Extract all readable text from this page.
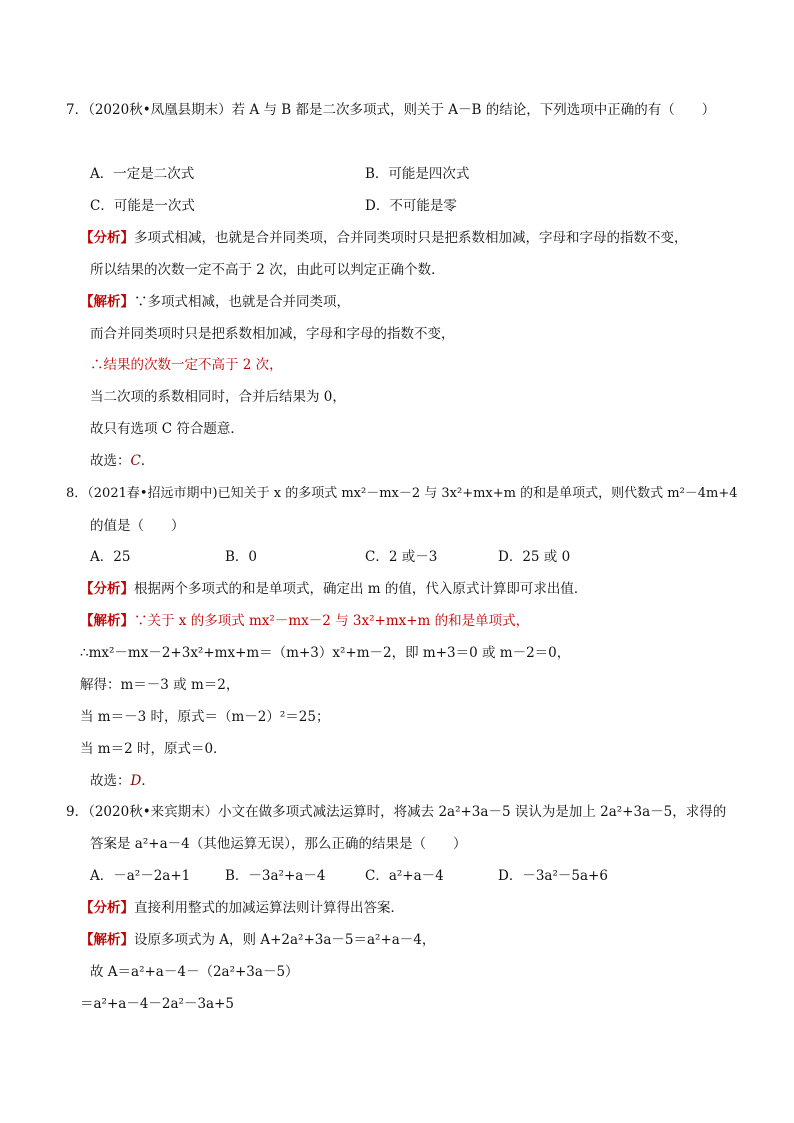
7．（2020秋•凤凰县期末）若 A 与 B 都是二次多项式，则关于 A－B 的结论，下列选项中正确的有（　　）
A．一定是二次式	B．可能是四次式
C．可能是一次式	D．不可能是零
【分析】多项式相减，也就是合并同类项，合并同类项时只是把系数相加减，字母和字母的指数不变，
所以结果的次数一定不高于 2 次，由此可以判定正确个数．
【解析】∵多项式相减，也就是合并同类项，
而合并同类项时只是把系数相加减，字母和字母的指数不变，
∴结果的次数一定不高于 2 次，
当二次项的系数相同时，合并后结果为 0，
故只有选项 C 符合题意．
故选：C．
8．（2021春•招远市期中)已知关于 x 的多项式 mx²－mx－2 与 3x²+mx+m 的和是单项式，则代数式 m²－4m+4
的值是（　　）
A．25	B．0	C．2 或－3	D．25 或 0
【分析】根据两个多项式的和是单项式，确定出 m 的值，代入原式计算即可求出值．
【解析】∵关于 x 的多项式 mx²－mx－2 与 3x²+mx+m 的和是单项式，
∴mx²－mx－2+3x²+mx+m＝（m+3）x²+m－2，即 m+3＝0 或 m－2＝0，
解得：m＝－3 或 m＝2，
当 m＝－3 时，原式＝（m－2）²＝25；
当 m＝2 时，原式＝0．
故选：D．
9．（2020秋•来宾期末）小文在做多项式减法运算时，将减去 2a²+3a－5 误认为是加上 2a²+3a－5，求得的
答案是 a²+a－4（其他运算无误），那么正确的结果是（　　）
A．－a²－2a+1	B．－3a²+a－4	C．a²+a－4	D．－3a²－5a+6
【分析】直接利用整式的加减运算法则计算得出答案．
【解析】设原多项式为 A，则 A+2a²+3a－5＝a²+a－4，
故 A＝a²+a－4－（2a²+3a－5）
＝a²+a－4－2a²－3a+5
